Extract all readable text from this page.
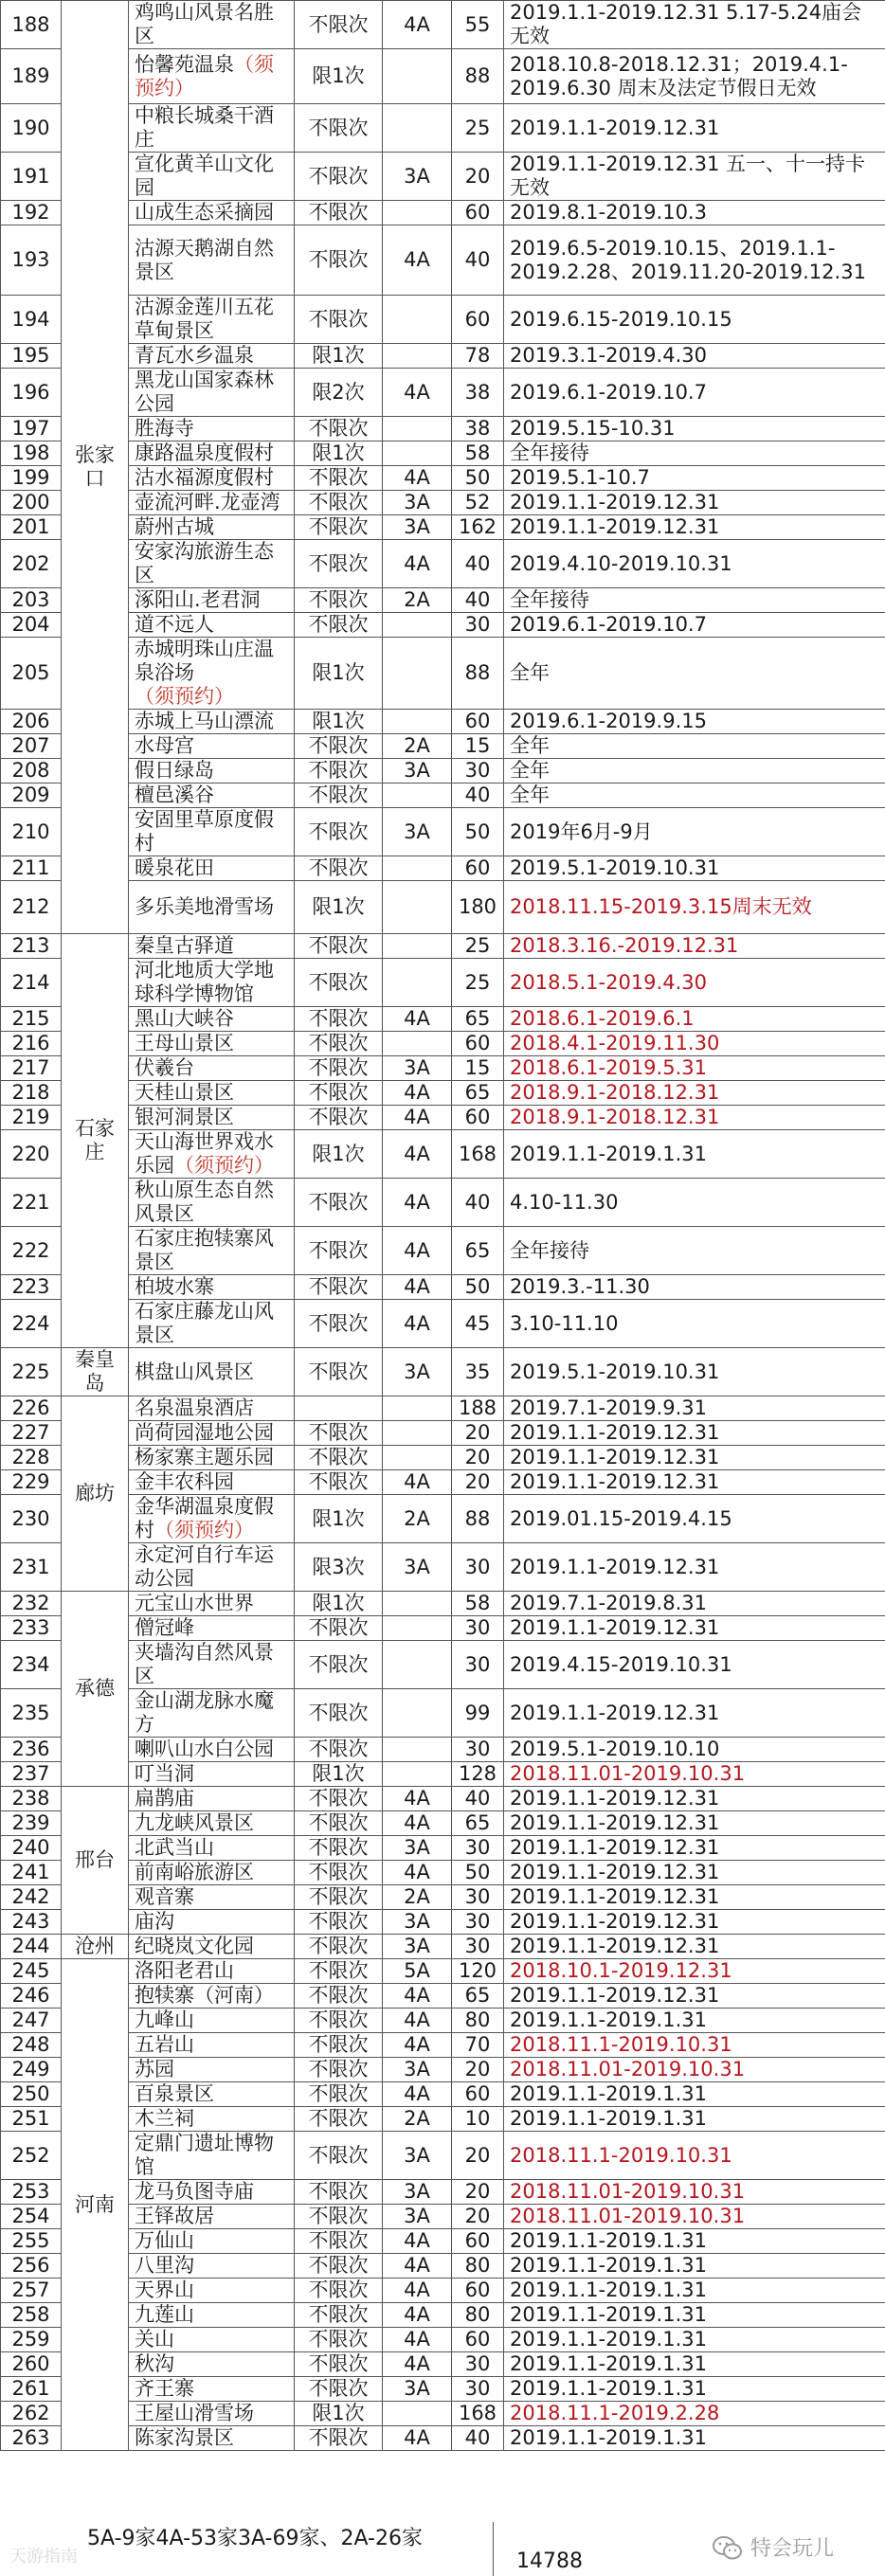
188	张家口	鸡鸣山风景名胜区	不限次	4A	55	2019.1.1-2019.12.31 5.17-5.24庙会无效
189		怡馨苑温泉（须预约）	限1次		88	2018.10.8-2018.12.31；2019.4.1-2019.6.30 周末及法定节假日无效
190		中粮长城桑干酒庄	不限次		25	2019.1.1-2019.12.31
191		宣化黄羊山文化园	不限次	3A	20	2019.1.1-2019.12.31 五一、十一持卡无效
192		山成生态采摘园	不限次		60	2019.8.1-2019.10.3
193		沽源天鹅湖自然景区	不限次	4A	40	2019.6.5-2019.10.15、2019.1.1-2019.2.28、2019.11.20-2019.12.31
194		沽源金莲川五花草甸景区	不限次		60	2019.6.15-2019.10.15
195		青瓦水乡温泉	限1次		78	2019.3.1-2019.4.30
196		黑龙山国家森林公园	限2次	4A	38	2019.6.1-2019.10.7
197		胜海寺	不限次		38	2019.5.15-10.31
198		康路温泉度假村	限1次		58	全年接待
199		沽水福源度假村	不限次	4A	50	2019.5.1-10.7
200		壶流河畔.龙壶湾	不限次	3A	52	2019.1.1-2019.12.31
201		蔚州古城	不限次	3A	162	2019.1.1-2019.12.31
202		安家沟旅游生态区	不限次	4A	40	2019.4.10-2019.10.31
203		涿阳山.老君洞	不限次	2A	40	全年接待
204		道不远人	不限次		30	2019.6.1-2019.10.7
205		赤城明珠山庄温泉浴场（须预约）	限1次		88	全年
206		赤城上马山漂流	限1次		60	2019.6.1-2019.9.15
207		水母宫	不限次	2A	15	全年
208		假日绿岛	不限次	3A	30	全年
209		檀邑溪谷	不限次		40	全年
210		安固里草原度假村	不限次	3A	50	2019年6月-9月
211		暖泉花田	不限次		60	2019.5.1-2019.10.31
212		多乐美地滑雪场	限1次		180	2018.11.15-2019.3.15周末无效
213	石家庄	秦皇古驿道	不限次		25	2018.3.16.-2019.12.31
214		河北地质大学地球科学博物馆	不限次		25	2018.5.1-2019.4.30
215		黑山大峡谷	不限次	4A	65	2018.6.1-2019.6.1
216		王母山景区	不限次		60	2018.4.1-2019.11.30
217		伏羲台	不限次	3A	15	2018.6.1-2019.5.31
218		天桂山景区	不限次	4A	65	2018.9.1-2018.12.31
219		银河洞景区	不限次	4A	60	2018.9.1-2018.12.31
220		天山海世界戏水乐园（须预约）	限1次	4A	168	2019.1.1-2019.1.31
221		秋山原生态自然风景区	不限次	4A	40	4.10-11.30
222		石家庄抱犊寨风景区	不限次	4A	65	全年接待
223		柏坡水寨	不限次	4A	50	2019.3.-11.30
224		石家庄藤龙山风景区	不限次	4A	45	3.10-11.10
225	秦皇岛	棋盘山风景区	不限次	3A	35	2019.5.1-2019.10.31
226	廊坊	名泉温泉酒店			188	2019.7.1-2019.9.31
227		尚荷园湿地公园	不限次		20	2019.1.1-2019.12.31
228		杨家寨主题乐园	不限次		20	2019.1.1-2019.12.31
229		金丰农科园	不限次	4A	20	2019.1.1-2019.12.31
230		金华湖温泉度假村（须预约）	限1次	2A	88	2019.01.15-2019.4.15
231		永定河自行车运动公园	限3次	3A	30	2019.1.1-2019.12.31
232	承德	元宝山水世界	限1次		58	2019.7.1-2019.8.31
233		僧冠峰	不限次		30	2019.1.1-2019.12.31
234		夹墙沟自然风景区	不限次		30	2019.4.15-2019.10.31
235		金山湖龙脉水魔方	不限次		99	2019.1.1-2019.12.31
236		喇叭山水白公园	不限次		30	2019.5.1-2019.10.10
237		叮当洞	限1次		128	2018.11.01-2019.10.31
238	邢台	扁鹊庙	不限次	4A	40	2019.1.1-2019.12.31
239		九龙峡风景区	不限次	4A	65	2019.1.1-2019.12.31
240		北武当山	不限次	3A	30	2019.1.1-2019.12.31
241		前南峪旅游区	不限次	4A	50	2019.1.1-2019.12.31
242		观音寨	不限次	2A	30	2019.1.1-2019.12.31
243		庙沟	不限次	3A	30	2019.1.1-2019.12.31
244	沧州	纪晓岚文化园	不限次	3A	30	2019.1.1-2019.12.31
245	河南	洛阳老君山	不限次	5A	120	2018.10.1-2019.12.31
246		抱犊寨（河南）	不限次	4A	65	2019.1.1-2019.12.31
247		九峰山	不限次	4A	80	2019.1.1-2019.1.31
248		五岩山	不限次	4A	70	2018.11.1-2019.10.31
249		苏园	不限次	3A	20	2018.11.01-2019.10.31
250		百泉景区	不限次	4A	60	2019.1.1-2019.1.31
251		木兰祠	不限次	2A	10	2019.1.1-2019.1.31
252		定鼎门遗址博物馆	不限次	3A	20	2018.11.1-2019.10.31
253		龙马负图寺庙	不限次	3A	20	2018.11.01-2019.10.31
254		王铎故居	不限次	3A	20	2018.11.01-2019.10.31
255		万仙山	不限次	4A	60	2019.1.1-2019.1.31
256		八里沟	不限次	4A	80	2019.1.1-2019.1.31
257		天界山	不限次	4A	60	2019.1.1-2019.1.31
258		九莲山	不限次	4A	80	2019.1.1-2019.1.31
259		关山	不限次	4A	60	2019.1.1-2019.1.31
260		秋沟	不限次	4A	30	2019.1.1-2019.1.31
261		齐王寨	不限次	3A	30	2019.1.1-2019.1.31
262		王屋山滑雪场	限1次		168	2018.11.1-2019.2.28
263		陈家沟景区	不限次	4A	40	2019.1.1-2019.1.31
天游指南
5A-9家4A-53家3A-69家、2A-26家
14788
特会玩儿
